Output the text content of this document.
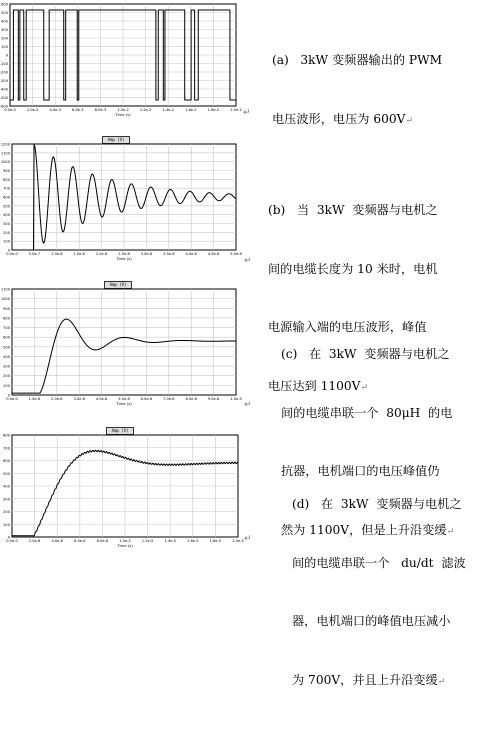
600
500
400
300
200
100
0
-100
-200
-300
-400
-500
-600
0.0e-0	2.0e-3	4.0e-3	6.0e-3	8.0e-3	1.0e-2	1.2e-2	1.4e-2	1.6e-2	1.8e-2	2.0e-2
Time (s)	↵

(a)   3kW 变频器输出的 PWM

电压波形，电压为 600V↵

Amp (V)
1200
1100
1000
900
800
700
600
500
400
300
200
100
0
0.0e-0	5.0e-7	1.0e-6	1.5e-6	2.0e-6	2.5e-6	3.0e-6	3.5e-6	4.0e-6	4.5e-6	5.0e-6
Time (s)	↵

(b)   当  3kW  变频器与电机之

间的电缆长度为 10 米时，电机

电源输入端的电压波形，峰值

电压达到 1100V↵

Amp (V)
1100
1000
900
800
700
600
500
400
300
200
100
0
0.0e-0	1.0e-6	2.0e-6	3.0e-6	4.0e-6	5.0e-6	6.0e-6	7.0e-6	8.0e-6	9.0e-6	1.0e-5
Time (s)	↵

(c)   在  3kW  变频器与电机之

间的电缆串联一个  80μH  的电

抗器，电机端口的电压峰值仍

然为 1100V，但是上升沿变缓↵

Amp (V)
800
700
600
500
400
300
200
100
0
0.0e-0	2.0e-6	4.0e-6	6.0e-6	8.0e-6	1.0e-5	1.2e-5	1.4e-5	1.6e-5	1.8e-5	2.0e-5
Time (s)
↵

(d)   在  3kW  变频器与电机之

间的电缆串联一个   du/dt  滤波

器，电机端口的峰值电压减小

为 700V，并且上升沿变缓↵
